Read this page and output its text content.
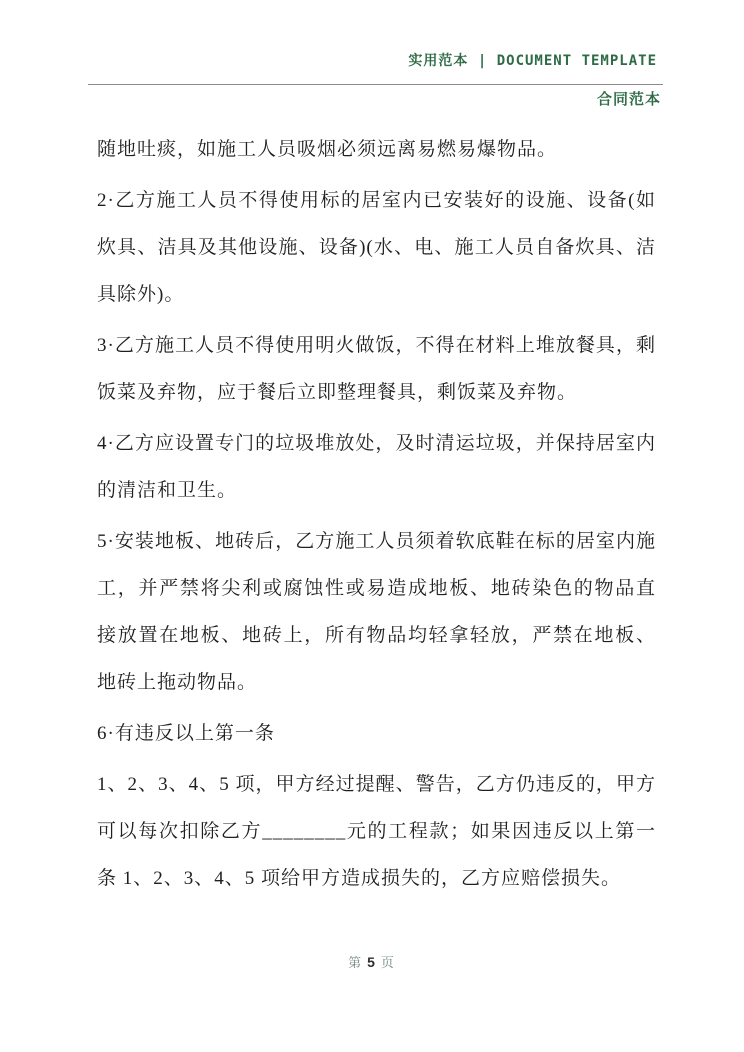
实用范本 | DOCUMENT TEMPLATE
合同范本

随地吐痰，如施工人员吸烟必须远离易燃易爆物品。

2·乙方施工人员不得使用标的居室内已安装好的设施、设备(如炊具、洁具及其他设施、设备)(水、电、施工人员自备炊具、洁具除外)。

3·乙方施工人员不得使用明火做饭，不得在材料上堆放餐具，剩饭菜及弃物，应于餐后立即整理餐具，剩饭菜及弃物。

4·乙方应设置专门的垃圾堆放处，及时清运垃圾，并保持居室内的清洁和卫生。

5·安装地板、地砖后，乙方施工人员须着软底鞋在标的居室内施工，并严禁将尖利或腐蚀性或易造成地板、地砖染色的物品直接放置在地板、地砖上，所有物品均轻拿轻放，严禁在地板、地砖上拖动物品。

6·有违反以上第一条

1、2、3、4、5 项，甲方经过提醒、警告，乙方仍违反的，甲方可以每次扣除乙方________元的工程款；如果因违反以上第一条 1、2、3、4、5 项给甲方造成损失的，乙方应赔偿损失。

第 5 页
